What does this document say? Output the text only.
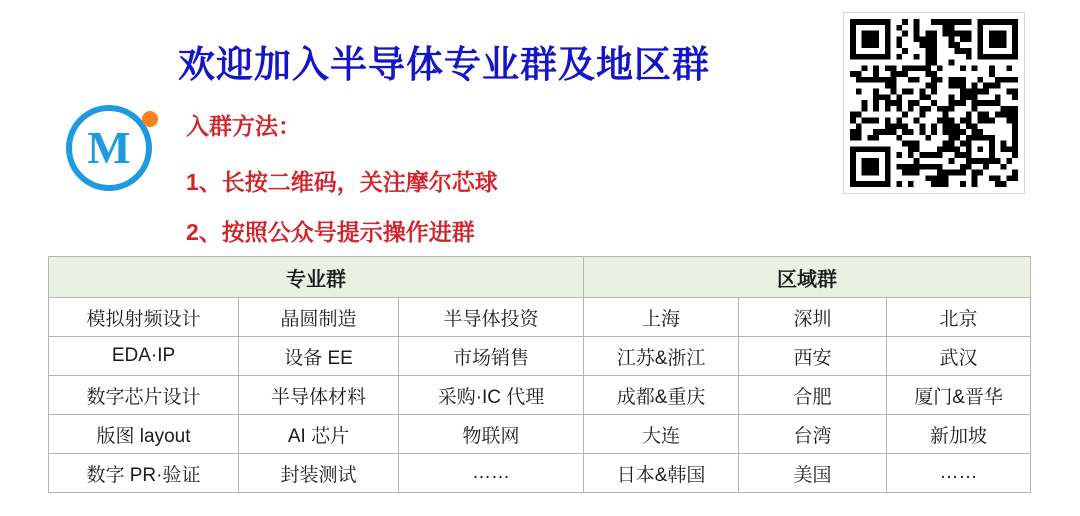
M
欢迎加入半导体专业群及地区群
入群方法：
1、长按二维码，关注摩尔芯球
2、按照公众号提示操作进群
专业群			区域群		
模拟射频设计	晶圆制造	半导体投资	上海	深圳	北京
EDA·IP	设备 EE	市场销售	江苏&浙江	西安	武汉
数字芯片设计	半导体材料	采购·IC 代理	成都&重庆	合肥	厦门&晋华
版图 layout	AI 芯片	物联网	大连	台湾	新加坡
数字 PR·验证	封装测试	……	日本&韩国	美国	……
